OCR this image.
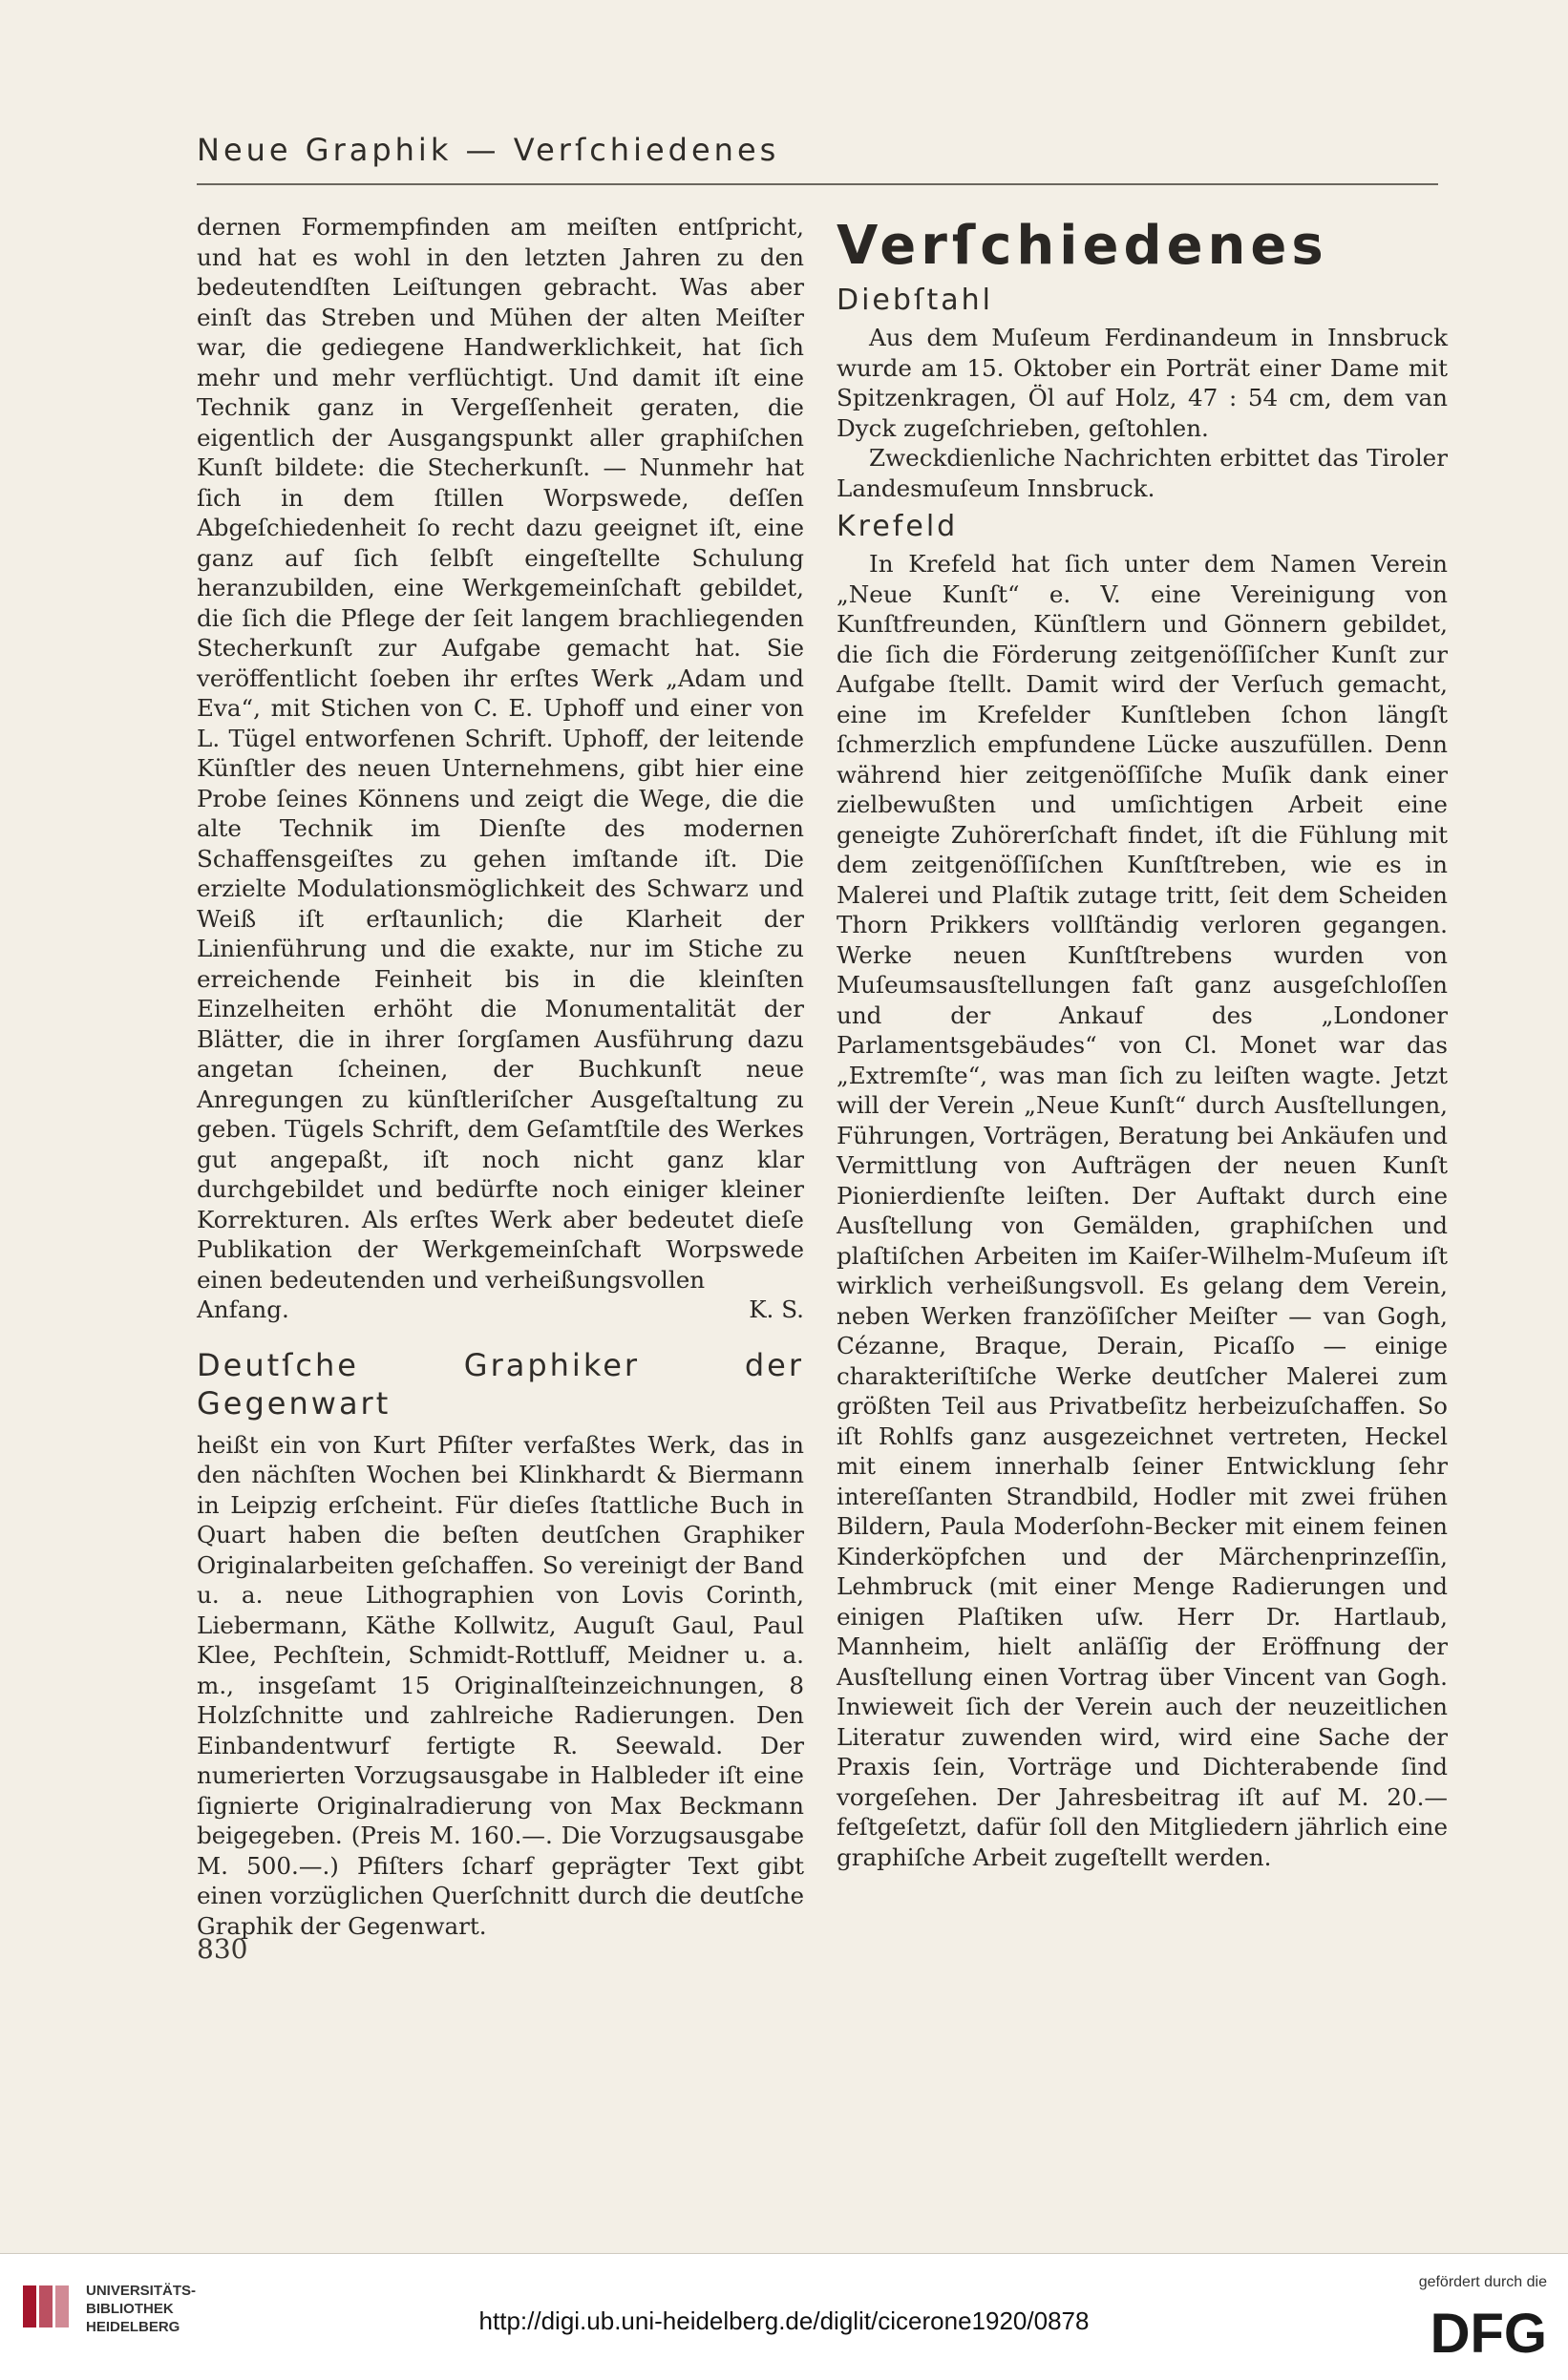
Neue Graphik — Verſchiedenes

dernen Formempfinden am meiſten entſpricht, und hat es wohl in den letzten Jahren zu den bedeutendſten Leiſtungen gebracht. Was aber einſt das Streben und Mühen der alten Meiſter war, die gediegene Handwerklichkeit, hat ſich mehr und mehr verflüchtigt. Und damit iſt eine Technik ganz in Vergeſſenheit geraten, die eigentlich der Ausgangspunkt aller graphiſchen Kunſt bildete: die Stecherkunſt. — Nunmehr hat ſich in dem ſtillen Worpswede, deſſen Abgeſchiedenheit ſo recht dazu geeignet iſt, eine ganz auf ſich ſelbſt eingeſtellte Schulung heranzubilden, eine Werkgemeinſchaft gebildet, die ſich die Pflege der ſeit langem brachliegenden Stecherkunſt zur Aufgabe gemacht hat. Sie veröffentlicht ſoeben ihr erſtes Werk „Adam und Eva“, mit Stichen von C. E. Uphoff und einer von L. Tügel entworfenen Schrift. Uphoff, der leitende Künſtler des neuen Unternehmens, gibt hier eine Probe ſeines Könnens und zeigt die Wege, die die alte Technik im Dienſte des modernen Schaffensgeiſtes zu gehen imſtande iſt. Die erzielte Modulationsmöglichkeit des Schwarz und Weiß iſt erſtaunlich; die Klarheit der Linienführung und die exakte, nur im Stiche zu erreichende Feinheit bis in die kleinſten Einzelheiten erhöht die Monumentalität der Blätter, die in ihrer ſorgſamen Ausführung dazu angetan ſcheinen, der Buchkunſt neue Anregungen zu künſtleriſcher Ausgeſtaltung zu geben. Tügels Schrift, dem Geſamtſtile des Werkes gut angepaßt, iſt noch nicht ganz klar durchgebildet und bedürfte noch einiger kleiner Korrekturen. Als erſtes Werk aber bedeutet dieſe Publikation der Werkgemeinſchaft Worpswede einen bedeutenden und verheißungsvollen

Anfang.	K. S.
Deutſche Graphiker der Gegenwart

heißt ein von Kurt Pfiſter verfaßtes Werk, das in den nächſten Wochen bei Klinkhardt & Biermann in Leipzig erſcheint. Für dieſes ſtattliche Buch in Quart haben die beſten deutſchen Graphiker Originalarbeiten geſchaffen. So vereinigt der Band u. a. neue Lithographien von Lovis Corinth, Liebermann, Käthe Kollwitz, Auguſt Gaul, Paul Klee, Pechſtein, Schmidt-Rottluff, Meidner u. a. m., insgeſamt 15 Originalſteinzeichnungen, 8 Holzſchnitte und zahlreiche Radierungen. Den Einbandentwurf fertigte R. Seewald. Der numerierten Vorzugsausgabe in Halbleder iſt eine ſignierte Originalradierung von Max Beckmann beigegeben. (Preis M. 160.—. Die Vorzugsausgabe M. 500.—.) Pfiſters ſcharf geprägter Text gibt einen vorzüglichen Querſchnitt durch die deutſche Graphik der Gegenwart.

Verſchiedenes
Diebſtahl

Aus dem Muſeum Ferdinandeum in Innsbruck wurde am 15. Oktober ein Porträt einer Dame mit Spitzenkragen, Öl auf Holz, 47 : 54 cm, dem van Dyck zugeſchrieben, geſtohlen.

Zweckdienliche Nachrichten erbittet das Tiroler Landesmuſeum Innsbruck.

Krefeld

In Krefeld hat ſich unter dem Namen Verein „Neue Kunſt“ e. V. eine Vereinigung von Kunſtfreunden, Künſtlern und Gönnern gebildet, die ſich die Förderung zeitgenöſſiſcher Kunſt zur Aufgabe ſtellt. Damit wird der Verſuch gemacht, eine im Krefelder Kunſtleben ſchon längſt ſchmerzlich empfundene Lücke auszufüllen. Denn während hier zeitgenöſſiſche Muſik dank einer zielbewußten und umſichtigen Arbeit eine geneigte Zuhörerſchaft findet, iſt die Fühlung mit dem zeitgenöſſiſchen Kunſtſtreben, wie es in Malerei und Plaſtik zutage tritt, ſeit dem Scheiden Thorn Prikkers vollſtändig verloren gegangen. Werke neuen Kunſtſtrebens wurden von Muſeumsausſtellungen faſt ganz ausgeſchloſſen und der Ankauf des „Londoner Parlamentsgebäudes“ von Cl. Monet war das „Extremſte“, was man ſich zu leiſten wagte. Jetzt will der Verein „Neue Kunſt“ durch Ausſtellungen, Führungen, Vorträgen, Beratung bei Ankäufen und Vermittlung von Aufträgen der neuen Kunſt Pionierdienſte leiſten. Der Auftakt durch eine Ausſtellung von Gemälden, graphiſchen und plaſtiſchen Arbeiten im Kaiſer-Wilhelm-Muſeum iſt wirklich verheißungsvoll. Es gelang dem Verein, neben Werken franzöſiſcher Meiſter — van Gogh, Cézanne, Braque, Derain, Picaſſo — einige charakteriſtiſche Werke deutſcher Malerei zum größten Teil aus Privatbeſitz herbeizuſchaffen. So iſt Rohlfs ganz ausgezeichnet vertreten, Heckel mit einem innerhalb ſeiner Entwicklung ſehr intereſſanten Strandbild, Hodler mit zwei frühen Bildern, Paula Moderſohn-Becker mit einem feinen Kinderköpfchen und der Märchenprinzeſſin, Lehmbruck (mit einer Menge Radierungen und einigen Plaſtiken uſw. Herr Dr. Hartlaub, Mannheim, hielt anläſſig der Eröffnung der Ausſtellung einen Vortrag über Vincent van Gogh. Inwieweit ſich der Verein auch der neuzeitlichen Literatur zuwenden wird, wird eine Sache der Praxis ſein, Vorträge und Dichterabende ſind vorgeſehen. Der Jahresbeitrag iſt auf M. 20.— feſtgeſetzt, dafür ſoll den Mitgliedern jährlich eine graphiſche Arbeit zugeſtellt werden.

830
UNIVERSITÄTS-
BIBLIOTHEK
HEIDELBERG	http://digi.ub.uni-heidelberg.de/diglit/cicerone1920/0878
gefördert durch die
DFG
